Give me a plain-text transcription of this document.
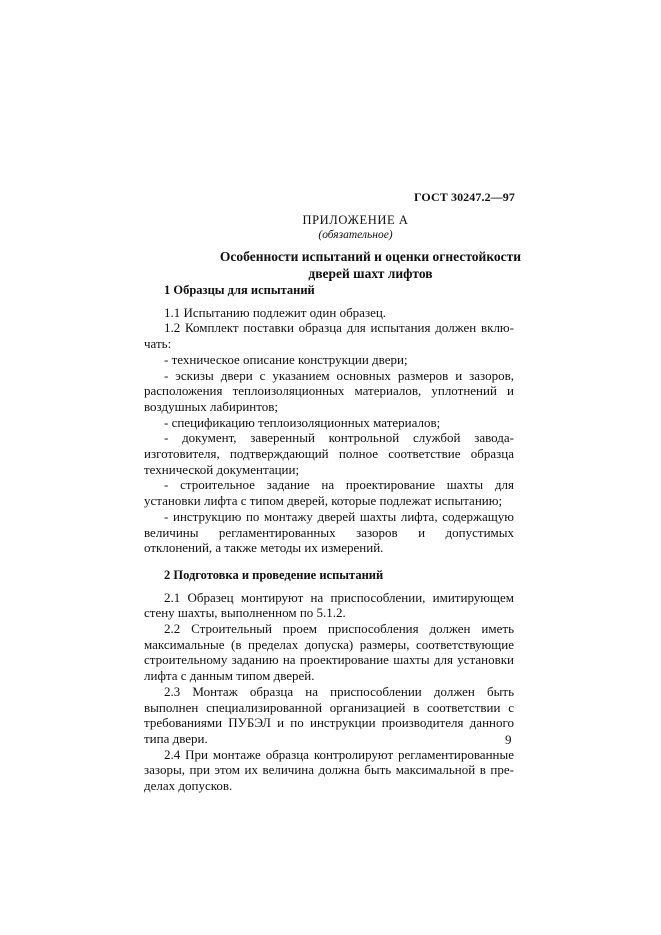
ГОСТ 30247.2—97
ПРИЛОЖЕНИЕ А
(обязательное)
Особенности испытаний и оценки огнестойкости
дверей шахт лифтов
1 Образцы для испытаний

1.1 Испытанию подлежит один образец.

1.2 Комплект поставки образца для испытания должен включать:

- техническое описание конструкции двери;

- эскизы двери с указанием основных размеров и зазоров, расположения теплоизоляционных материалов, уплотнений и воздушных лабиринтов;

- спецификацию теплоизоляционных материалов;

- документ, заверенный контрольной службой завода-изготовителя, подтверждающий полное соответствие образца технической документации;

- строительное задание на проектирование шахты для установки лифта с типом дверей, которые подлежат испытанию;

- инструкцию по монтажу дверей шахты лифта, содержащую величины регламентированных зазоров и допустимых отклонений, а также методы их измерений.

2 Подготовка и проведение испытаний

2.1 Образец монтируют на приспособлении, имитирующем стену шахты, выполненном по 5.1.2.

2.2 Строительный проем приспособления должен иметь максимальные (в пределах допуска) размеры, соответствующие строительному заданию на проектирование шахты для установки лифта с данным типом дверей.

2.3 Монтаж образца на приспособлении должен быть выполнен специализированной организацией в соответствии с требованиями ПУБЭЛ и по инструкции производителя данного типа двери.

2.4 При монтаже образца контролируют регламентированные зазоры, при этом их величина должна быть максимальной в пределах допусков.

9
